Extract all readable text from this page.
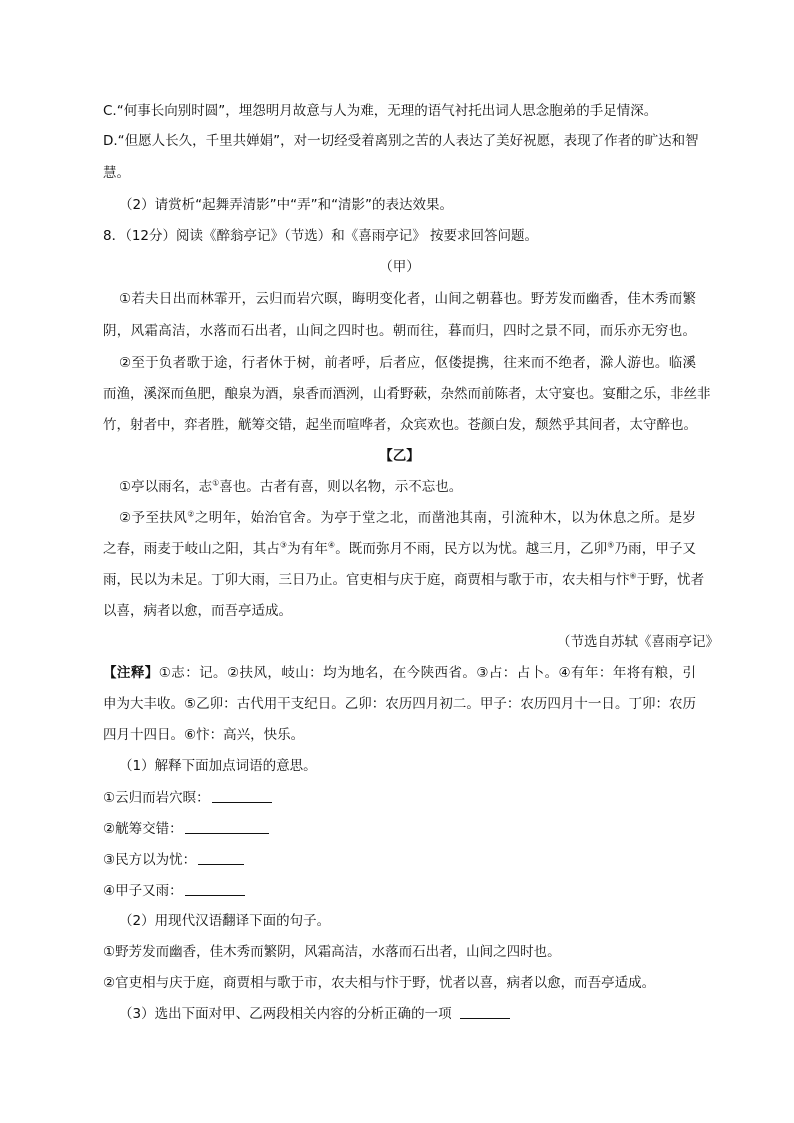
C.“何事长向别时圆”，埋怨明月故意与人为难，无理的语气衬托出词人思念胞弟的手足情深。
D.“但愿人长久，千里共婵娟”，对一切经受着离别之苦的人表达了美好祝愿，表现了作者的旷达和智
慧。
（2）请赏析“起舞弄清影”中“弄”和“清影”的表达效果。
8．（12分）阅读《醉翁亭记》（节选）和《喜雨亭记》 按要求回答问题。
（甲）
①若夫日出而林霏开，云归而岩穴暝，晦明变化者，山间之朝暮也。野芳发而幽香，佳木秀而繁
阴，风霜高洁，水落而石出者，山间之四时也。朝而往，暮而归，四时之景不同，而乐亦无穷也。
②至于负者歌于途，行者休于树，前者呼，后者应，伛偻提携，往来而不绝者，滁人游也。临溪
而渔，溪深而鱼肥，酿泉为酒，泉香而酒洌，山肴野蔌，杂然而前陈者，太守宴也。宴酣之乐，非丝非
竹，射者中，弈者胜，觥筹交错，起坐而喧哗者，众宾欢也。苍颜白发，颓然乎其间者，太守醉也。
【乙】
①亭以雨名，志①喜也。古者有喜，则以名物，示不忘也。
②予至扶风②之明年，始治官舍。为亭于堂之北，而凿池其南，引流种木，以为休息之所。是岁
之春，雨麦于岐山之阳，其占③为有年④。既而弥月不雨，民方以为忧。越三月，乙卯⑤乃雨，甲子又
雨，民以为未足。丁卯大雨，三日乃止。官吏相与庆于庭，商贾相与歌于市，农夫相与忭⑥于野，忧者
以喜，病者以愈，而吾亭适成。
（节选自苏轼《喜雨亭记》
【注释】①志：记。②扶风，岐山：均为地名，在今陕西省。③占：占卜。④有年：年将有粮，引
申为大丰收。⑤乙卯：古代用干支纪日。乙卯：农历四月初二。甲子：农历四月十一日。丁卯：农历
四月十四日。⑥忭：高兴，快乐。
（1）解释下面加点词语的意思。
①云归而岩穴暝：
②觥筹交错：
③民方以为忧：
④甲子又雨：
（2）用现代汉语翻译下面的句子。
①野芳发而幽香，佳木秀而繁阴，风霜高洁，水落而石出者，山间之四时也。
②官吏相与庆于庭，商贾相与歌于市，农夫相与忭于野，忧者以喜，病者以愈，而吾亭适成。
（3）选出下面对甲、乙两段相关内容的分析正确的一项
